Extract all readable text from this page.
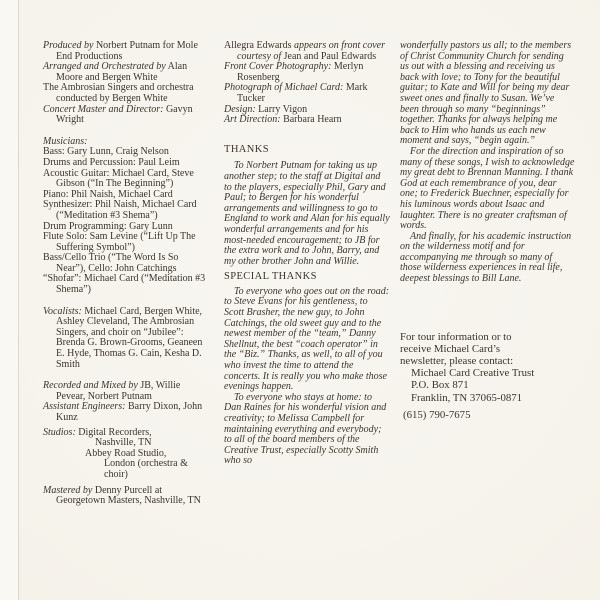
Produced by Norbert Putnam for Mole End Productions
Arranged and Orchestrated by Alan Moore and Bergen White
The Ambrosian Singers and orchestra conducted by Bergen White
Concert Master and Director: Gavyn Wright
Musicians:
Bass: Gary Lunn, Craig Nelson
Drums and Percussion: Paul Leim
Acoustic Guitar: Michael Card, Steve Gibson (“In The Beginning”)
Piano: Phil Naish, Michael Card
Synthesizer: Phil Naish, Michael Card (“Meditation #3 Shema”)
Drum Programming: Gary Lunn
Flute Solo: Sam Levine (“Lift Up The Suffering Symbol”)
Bass/Cello Trio (“The Word Is So Near”), Cello: John Catchings
“Shofar”: Michael Card (“Meditation #3 Shema”)
Vocalists: Michael Card, Bergen White, Ashley Cleveland, The Ambrosian Singers, and choir on “Jubilee”: Brenda G. Brown-Grooms, Geaneen E. Hyde, Thomas G. Cain, Kesha D. Smith
Recorded and Mixed by JB, Willie Pevear, Norbert Putnam
Assistant Engineers: Barry Dixon, John Kunz
Studios: Digital Recorders,
Nashville, TN
Abbey Road Studio,
London (orchestra & choir)
Mastered by Denny Purcell at Georgetown Masters, Nashville, TN
Allegra Edwards appears on front cover courtesy of Jean and Paul Edwards
Front Cover Photography: Merlyn Rosenberg
Photograph of Michael Card: Mark Tucker
Design: Larry Vigon
Art Direction: Barbara Hearn
THANKS
To Norbert Putnam for taking us up another step; to the staff at Digital and to the players, especially Phil, Gary and Paul; to Bergen for his wonderful arrangements and willingness to go to England to work and Alan for his equally wonderful arrangements and for his most-needed encouragement; to JB for the extra work and to John, Barry, and my other brother John and Willie.
SPECIAL THANKS
To everyone who goes out on the road: to Steve Evans for his gentleness, to Scott Brasher, the new guy, to John Catchings, the old sweet guy and to the newest member of the “team,” Danny Shellnut, the best “coach operator” in the “Biz.” Thanks, as well, to all of you who invest the time to attend the concerts. It is really you who make those evenings happen.
To everyone who stays at home: to Dan Raines for his wonderful vision and creativity; to Melissa Campbell for maintaining everything and everybody; to all of the board members of the Creative Trust, especially Scotty Smith who so
wonderfully pastors us all; to the members of Christ Community Church for sending us out with a blessing and receiving us back with love; to Tony for the beautiful guitar; to Kate and Will for being my dear sweet ones and finally to Susan. We’ve been through so many “beginnings” together. Thanks for always helping me back to Him who hands us each new moment and says, “begin again.”
For the direction and inspiration of so many of these songs, I wish to acknowledge my great debt to Brennan Manning. I thank God at each remembrance of you, dear one; to Frederick Buechner, especially for his luminous words about Isaac and laughter. There is no greater craftsman of words.
And finally, for his academic instruction on the wilderness motif and for accompanying me through so many of those wilderness experiences in real life, deepest blessings to Bill Lane.
For tour information or to receive Michael Card’s newsletter, please contact:
Michael Card Creative Trust
P.O. Box 871
Franklin, TN 37065-0871
(615) 790-7675
